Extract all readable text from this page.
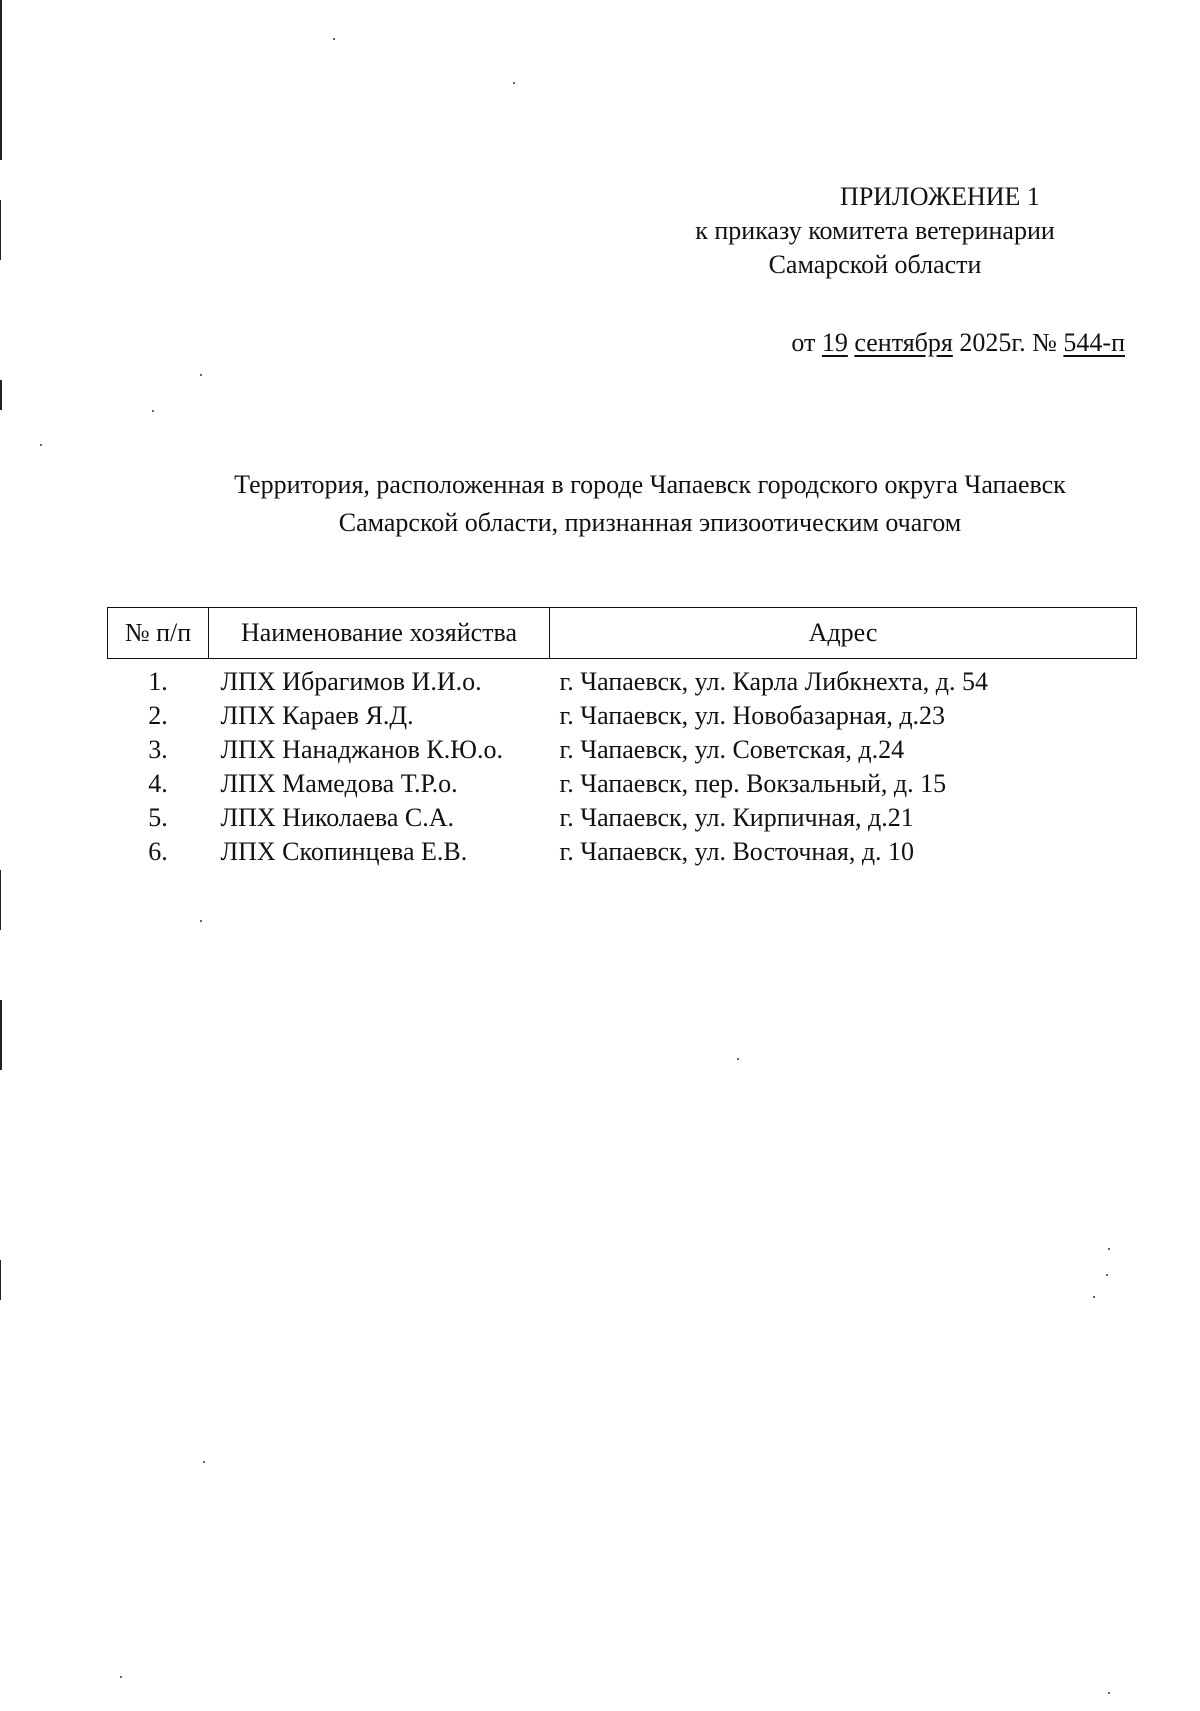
ПРИЛОЖЕНИЕ 1
к приказу комитета ветеринарии
Самарской области
от 19 сентября 2025г. № 544-п
Территория, расположенная в городе Чапаевск городского округа Чапаевск
Самарской области, признанная эпизоотическим очагом
№ п/п	Наименование хозяйства	Адрес
1.	ЛПХ Ибрагимов И.И.о.	г. Чапаевск, ул. Карла Либкнехта, д. 54
2.	ЛПХ Караев Я.Д.	г. Чапаевск, ул. Новобазарная, д.23
3.	ЛПХ Нанаджанов К.Ю.о.	г. Чапаевск, ул. Советская, д.24
4.	ЛПХ Мамедова Т.Р.о.	г. Чапаевск, пер. Вокзальный, д. 15
5.	ЛПХ Николаева С.А.	г. Чапаевск, ул. Кирпичная, д.21
6.	ЛПХ Скопинцева Е.В.	г. Чапаевск, ул. Восточная, д. 10
